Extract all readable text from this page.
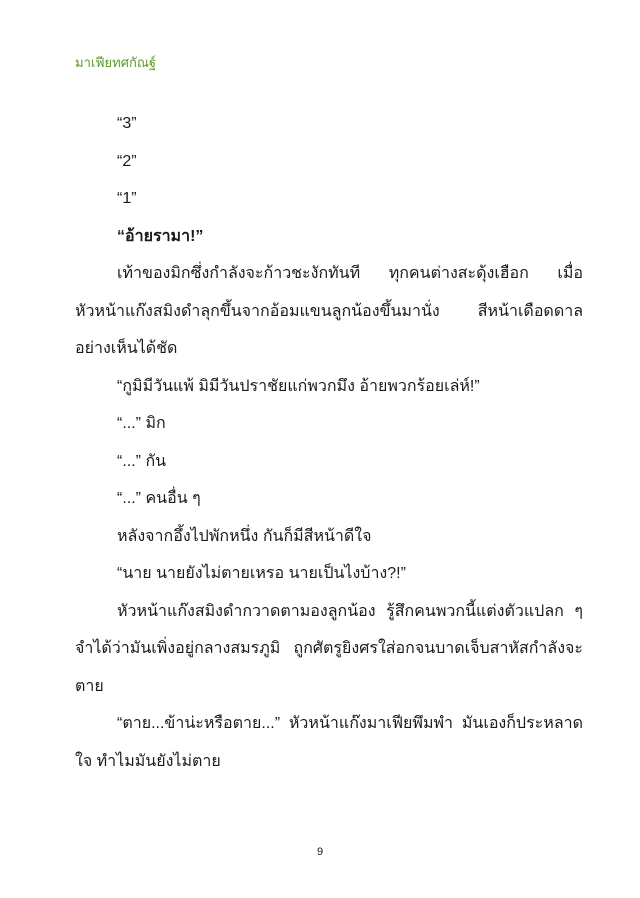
มาเฟียทศกัณฐ์

“3”

“2”

“1”

“อ้ายรามา!”

เท้าของมิกซึ่งกำลังจะก้าวชะงักทันที ทุกคนต่างสะดุ้งเฮือก เมื่อหัวหน้าแก๊งสมิงดำลุกขึ้นจากอ้อมแขนลูกน้องขึ้นมานั่ง สีหน้าเดือดดาลอย่างเห็นได้ชัด

“กูมิมีวันแพ้ มิมีวันปราชัยแก่พวกมึง อ้ายพวกร้อยเล่ห์!”

“...” มิก

“...” กัน

“...” คนอื่น ๆ

หลังจากอึ้งไปพักหนึ่ง กันก็มีสีหน้าดีใจ

“นาย นายยังไม่ตายเหรอ นายเป็นไงบ้าง?!”

หัวหน้าแก๊งสมิงดำกวาดตามองลูกน้อง รู้สึกคนพวกนี้แต่งตัวแปลก ๆ จำได้ว่ามันเพิ่งอยู่กลางสมรภูมิ ถูกศัตรูยิงศรใส่อกจนบาดเจ็บสาหัสกำลังจะตาย

“ตาย...ข้าน่ะหรือตาย...” หัวหน้าแก๊งมาเฟียพึมพำ มันเองก็ประหลาดใจ ทำไมมันยังไม่ตาย

9
